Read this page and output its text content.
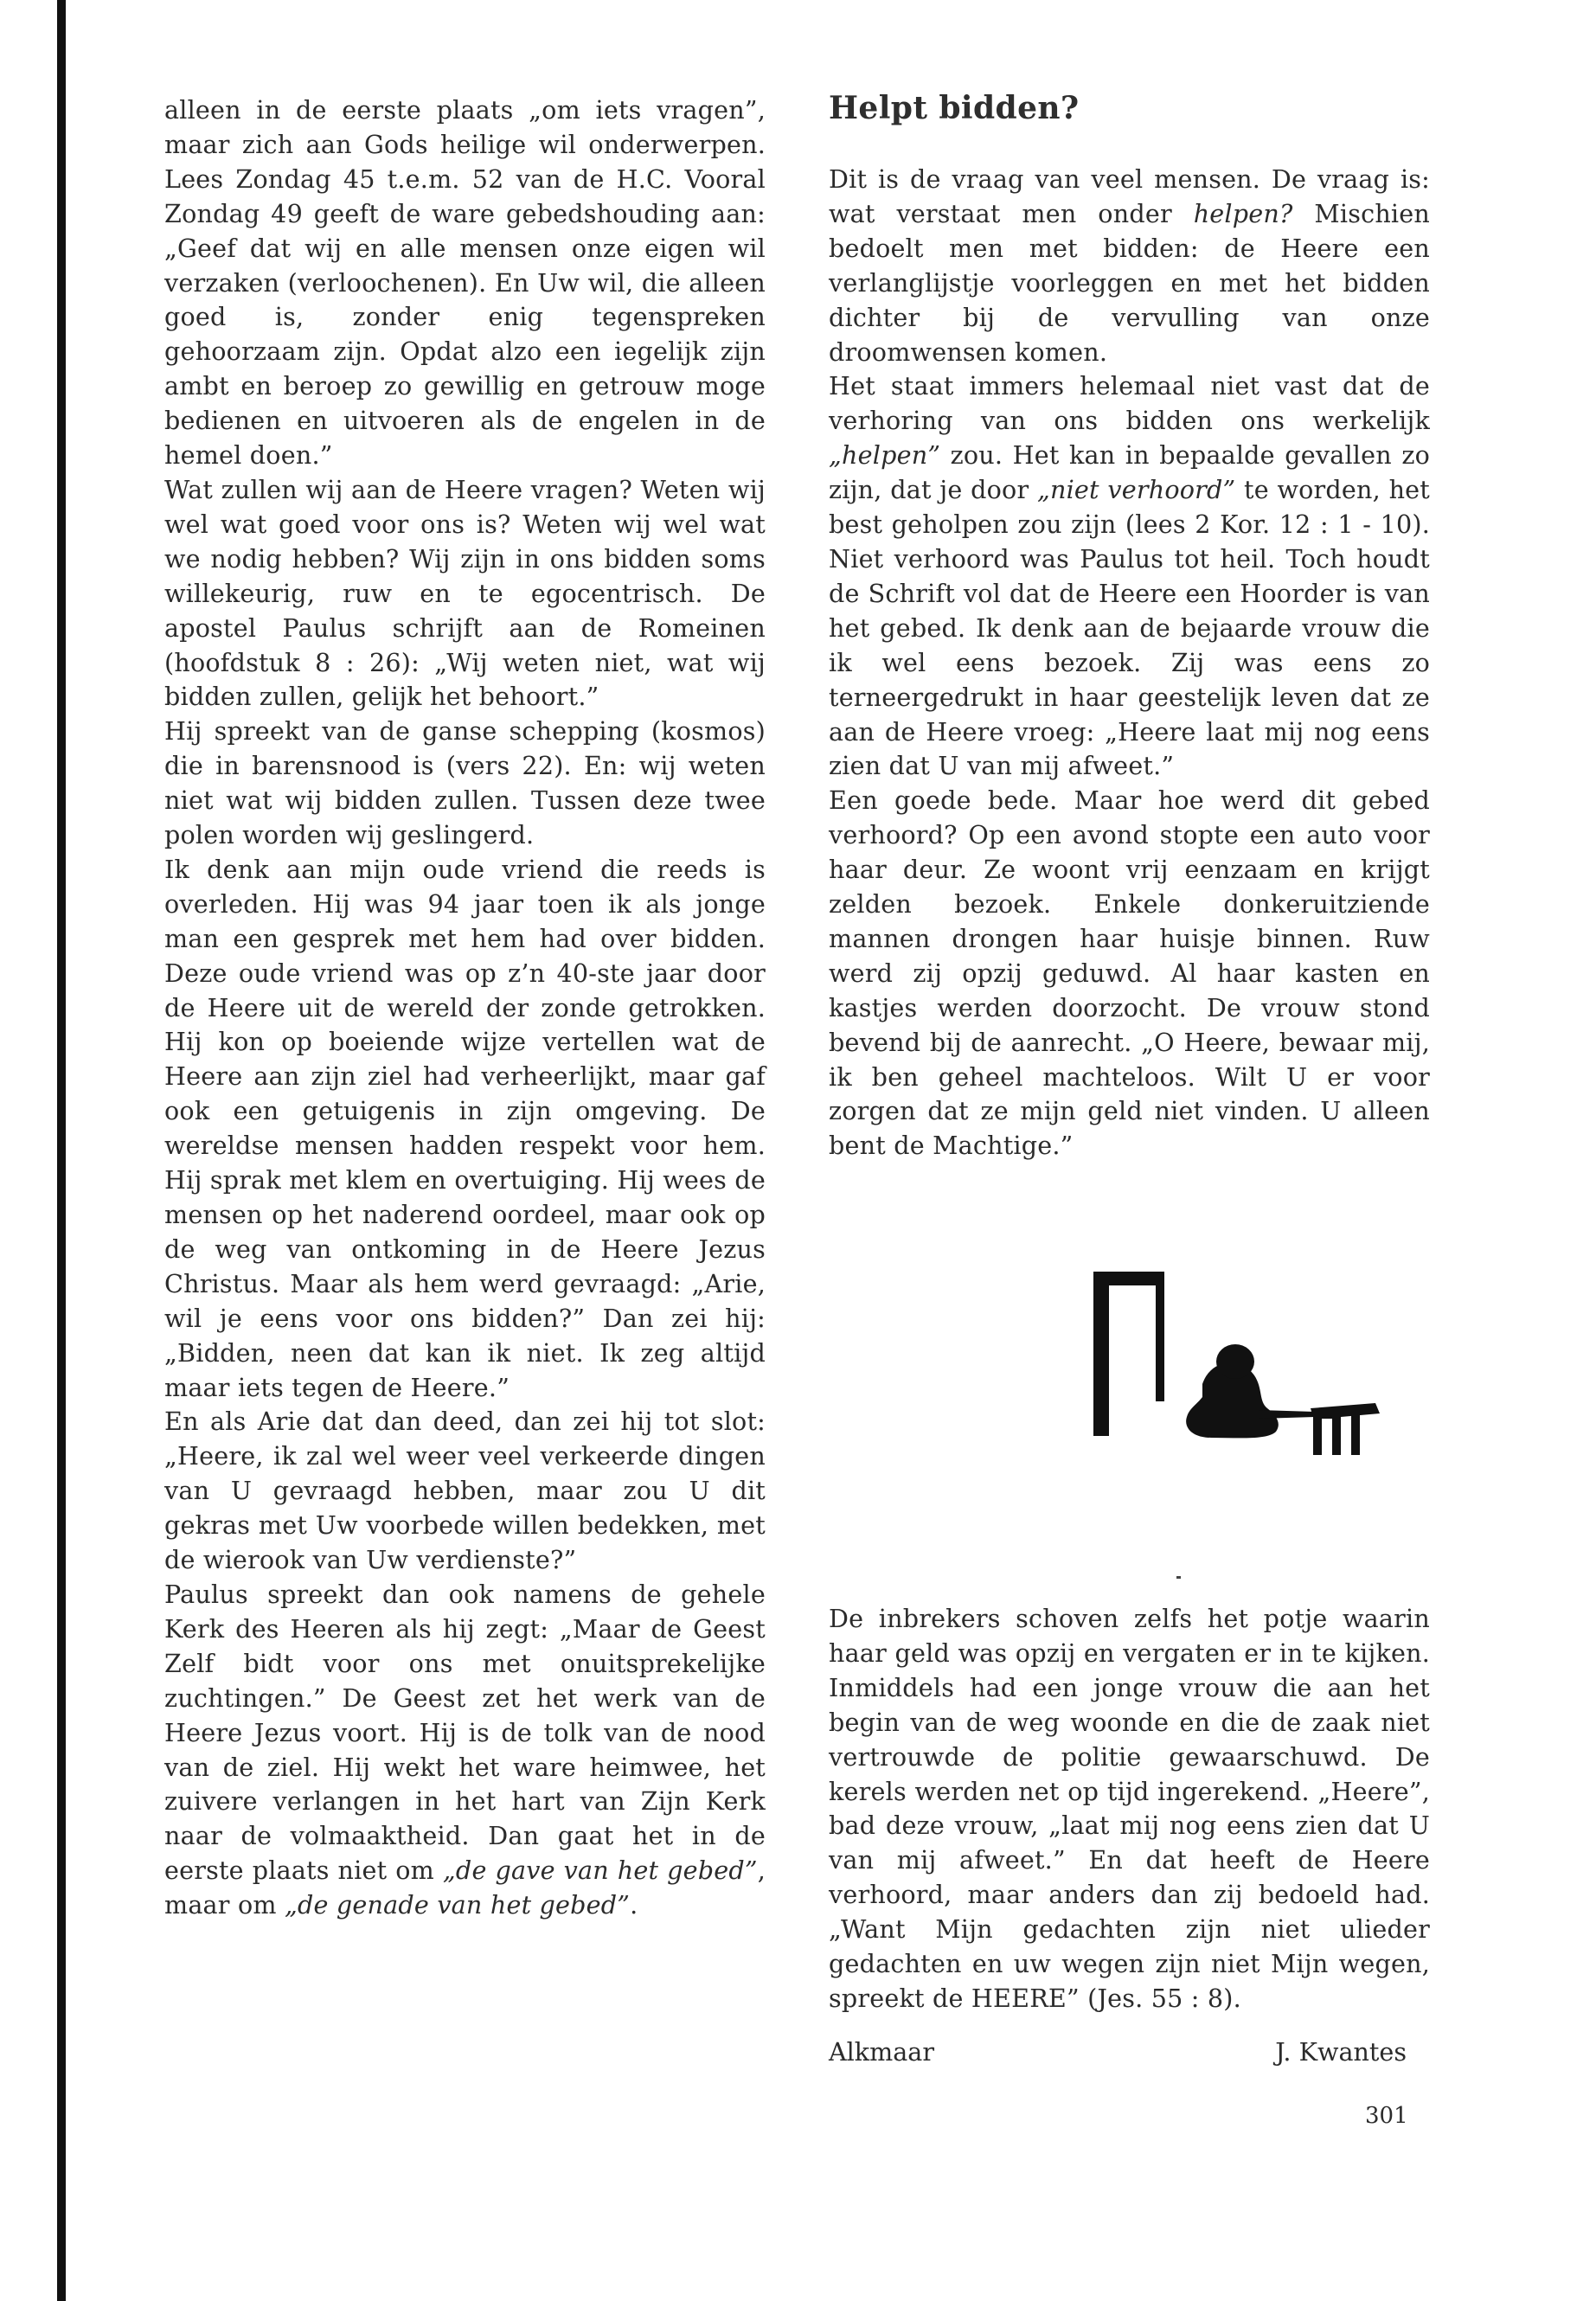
alleen in de eerste plaats „om iets vragen”, maar zich aan Gods heilige wil onderwerpen. Lees Zondag 45 t.e.m. 52 van de H.C. Vooral Zondag 49 geeft de ware gebedshouding aan: „Geef dat wij en alle mensen onze eigen wil verzaken (verloochenen). En Uw wil, die alleen goed is, zonder enig tegenspreken gehoorzaam zijn. Opdat alzo een iegelijk zijn ambt en beroep zo gewillig en getrouw moge bedienen en uitvoeren als de engelen in de hemel doen.”

Wat zullen wij aan de Heere vragen? Weten wij wel wat goed voor ons is? Weten wij wel wat we nodig hebben? Wij zijn in ons bidden soms willekeurig, ruw en te egocentrisch. De apostel Paulus schrijft aan de Romeinen (hoofdstuk 8 : 26): „Wij weten niet, wat wij bidden zullen, gelijk het behoort.”

Hij spreekt van de ganse schepping (kosmos) die in barensnood is (vers 22). En: wij weten niet wat wij bidden zullen. Tussen deze twee polen worden wij geslingerd.

Ik denk aan mijn oude vriend die reeds is overleden. Hij was 94 jaar toen ik als jonge man een gesprek met hem had over bidden. Deze oude vriend was op z’n 40-ste jaar door de Heere uit de wereld der zonde getrokken. Hij kon op boeiende wijze vertellen wat de Heere aan zijn ziel had verheerlijkt, maar gaf ook een getuigenis in zijn omgeving. De wereldse mensen hadden respekt voor hem. Hij sprak met klem en overtuiging. Hij wees de mensen op het naderend oordeel, maar ook op de weg van ontkoming in de Heere Jezus Christus. Maar als hem werd gevraagd: „Arie, wil je eens voor ons bidden?” Dan zei hij: „Bidden, neen dat kan ik niet. Ik zeg altijd maar iets tegen de Heere.”

En als Arie dat dan deed, dan zei hij tot slot: „Heere, ik zal wel weer veel verkeerde dingen van U gevraagd hebben, maar zou U dit gekras met Uw voorbede willen bedekken, met de wierook van Uw verdienste?”

Paulus spreekt dan ook namens de gehele Kerk des Heeren als hij zegt: „Maar de Geest Zelf bidt voor ons met onuitsprekelijke zuchtingen.” De Geest zet het werk van de Heere Jezus voort. Hij is de tolk van de nood van de ziel. Hij wekt het ware heimwee, het zuivere verlangen in het hart van Zijn Kerk naar de volmaaktheid. Dan gaat het in de eerste plaats niet om „de gave van het gebed”, maar om „de genade van het gebed”.

Helpt bidden?

Dit is de vraag van veel mensen. De vraag is: wat verstaat men onder helpen? Mischien bedoelt men met bidden: de Heere een verlanglijstje voorleggen en met het bidden dichter bij de vervulling van onze droomwensen komen.

Het staat immers helemaal niet vast dat de verhoring van ons bidden ons werkelijk „helpen” zou. Het kan in bepaalde gevallen zo zijn, dat je door „niet verhoord” te worden, het best geholpen zou zijn (lees 2 Kor. 12 : 1 - 10). Niet verhoord was Paulus tot heil. Toch houdt de Schrift vol dat de Heere een Hoorder is van het gebed. Ik denk aan de bejaarde vrouw die ik wel eens bezoek. Zij was eens zo terneergedrukt in haar geestelijk leven dat ze aan de Heere vroeg: „Heere laat mij nog eens zien dat U van mij afweet.”

Een goede bede. Maar hoe werd dit gebed verhoord? Op een avond stopte een auto voor haar deur. Ze woont vrij eenzaam en krijgt zelden bezoek. Enkele donkeruitziende mannen drongen haar huisje binnen. Ruw werd zij opzij geduwd. Al haar kasten en kastjes werden doorzocht. De vrouw stond bevend bij de aanrecht. „O Heere, bewaar mij, ik ben geheel machteloos. Wilt U er voor zorgen dat ze mijn geld niet vinden. U alleen bent de Machtige.”

De inbrekers schoven zelfs het potje waarin haar geld was opzij en vergaten er in te kijken. Inmiddels had een jonge vrouw die aan het begin van de weg woonde en die de zaak niet vertrouwde de politie gewaarschuwd. De kerels werden net op tijd ingerekend. „Heere”, bad deze vrouw, „laat mij nog eens zien dat U van mij afweet.” En dat heeft de Heere verhoord, maar anders dan zij bedoeld had. „Want Mijn gedachten zijn niet ulieder gedachten en uw wegen zijn niet Mijn wegen, spreekt de HEERE” (Jes. 55 : 8).

Alkmaar	J. Kwantes
301
